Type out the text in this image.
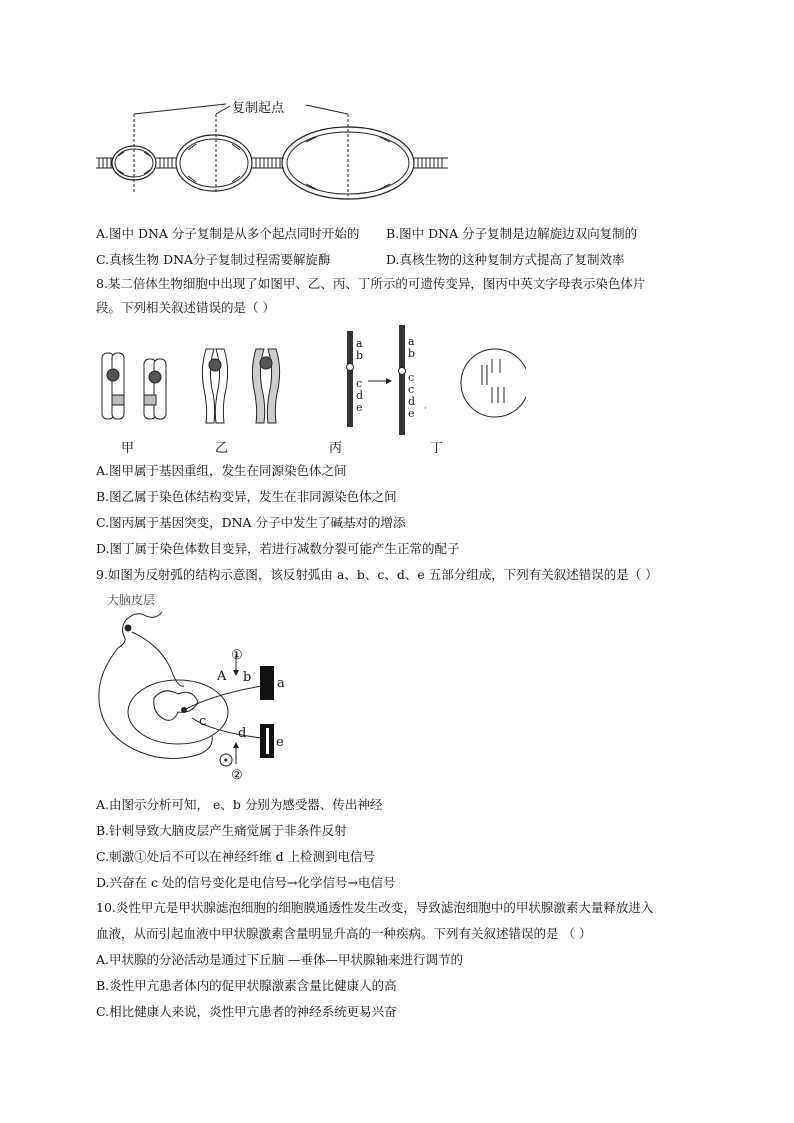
复制起点
A.图中 DNA 分子复制是从多个起点同时开始的 B.图中 DNA 分子复制是边解旋边双向复制的
C.真核生物 DNA分子复制过程需要解旋酶	D.真核生物的这种复制方式提高了复制效率
8.某二倍体生物细胞中出现了如图甲、乙、丙、丁所示的可遗传变异，图丙中英文字母表示染色体片
段。下列相关叙述错误的是（ ）
˙
a
b
c
d
e
a
b
c
c
d
e
甲	乙	丙	丁
A.图甲属于基因重组，发生在同源染色体之间
B.图乙属于染色体结构变异，发生在非同源染色体之间
C.图丙属于基因突变，DNA 分子中发生了碱基对的增添
D.图丁属于染色体数目变异，若进行减数分裂可能产生正常的配子
9.如图为反射弧的结构示意图，该反射弧由 a、b、c、d、e 五部分组成，下列有关叙述错误的是（ ）
大脑皮层
①
A b a
c
d
e
②
A.由图示分析可知， e、b 分别为感受器、传出神经
B.针刺导致大脑皮层产生痛觉属于非条件反射
C.刺激①处后不可以在神经纤维 d 上检测到电信号
D.兴奋在 c 处的信号变化是电信号→化学信号→电信号
10.炎性甲亢是甲状腺滤泡细胞的细胞膜通透性发生改变，导致滤泡细胞中的甲状腺激素大量释放进入
血液，从而引起血液中甲状腺激素含量明显升高的一种疾病。下列有关叙述错误的是 （ ）
A.甲状腺的分泌活动是通过下丘脑 —垂体—甲状腺轴来进行调节的
B.炎性甲亢患者体内的促甲状腺激素含量比健康人的高
C.相比健康人来说，炎性甲亢患者的神经系统更易兴奋
